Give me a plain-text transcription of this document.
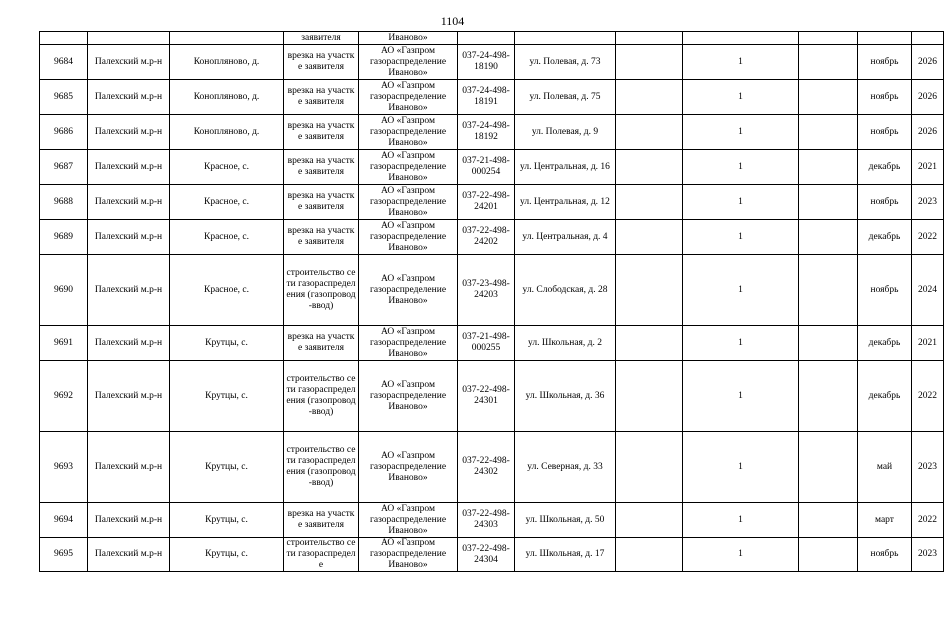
1104
			заявителя	Иваново»							
9684	Палехский м.р-н	Конопляново, д.	врезка на участке заявителя	АО «Газпром газораспределение Иваново»	037-24-498-18190	ул. Полевая, д. 73		1		ноябрь	2026
9685	Палехский м.р-н	Конопляново, д.	врезка на участке заявителя	АО «Газпром газораспределение Иваново»	037-24-498-18191	ул. Полевая, д. 75		1		ноябрь	2026
9686	Палехский м.р-н	Конопляново, д.	врезка на участке заявителя	АО «Газпром газораспределение Иваново»	037-24-498-18192	ул. Полевая, д. 9		1		ноябрь	2026
9687	Палехский м.р-н	Красное, с.	врезка на участке заявителя	АО «Газпром газораспределение Иваново»	037-21-498-000254	ул. Центральная, д. 16		1		декабрь	2021
9688	Палехский м.р-н	Красное, с.	врезка на участке заявителя	АО «Газпром газораспределение Иваново»	037-22-498-24201	ул. Центральная, д. 12		1		ноябрь	2023
9689	Палехский м.р-н	Красное, с.	врезка на участке заявителя	АО «Газпром газораспределение Иваново»	037-22-498-24202	ул. Центральная, д. 4		1		декабрь	2022
9690	Палехский м.р-н	Красное, с.	строительство сети газораспределения (газопровод-ввод)	АО «Газпром газораспределение Иваново»	037-23-498-24203	ул. Слободская, д. 28		1		ноябрь	2024
9691	Палехский м.р-н	Крутцы, с.	врезка на участке заявителя	АО «Газпром газораспределение Иваново»	037-21-498-000255	ул. Школьная, д. 2		1		декабрь	2021
9692	Палехский м.р-н	Крутцы, с.	строительство сети газораспределения (газопровод-ввод)	АО «Газпром газораспределение Иваново»	037-22-498-24301	ул. Школьная, д. 36		1		декабрь	2022
9693	Палехский м.р-н	Крутцы, с.	строительство сети газораспределения (газопровод-ввод)	АО «Газпром газораспределение Иваново»	037-22-498-24302	ул. Северная, д. 33		1		май	2023
9694	Палехский м.р-н	Крутцы, с.	врезка на участке заявителя	АО «Газпром газораспределение Иваново»	037-22-498-24303	ул. Школьная, д. 50		1		март	2022
9695	Палехский м.р-н	Крутцы, с.	строительство сети газораспределе	АО «Газпром газораспределение Иваново»	037-22-498-24304	ул. Школьная, д. 17		1		ноябрь	2023
